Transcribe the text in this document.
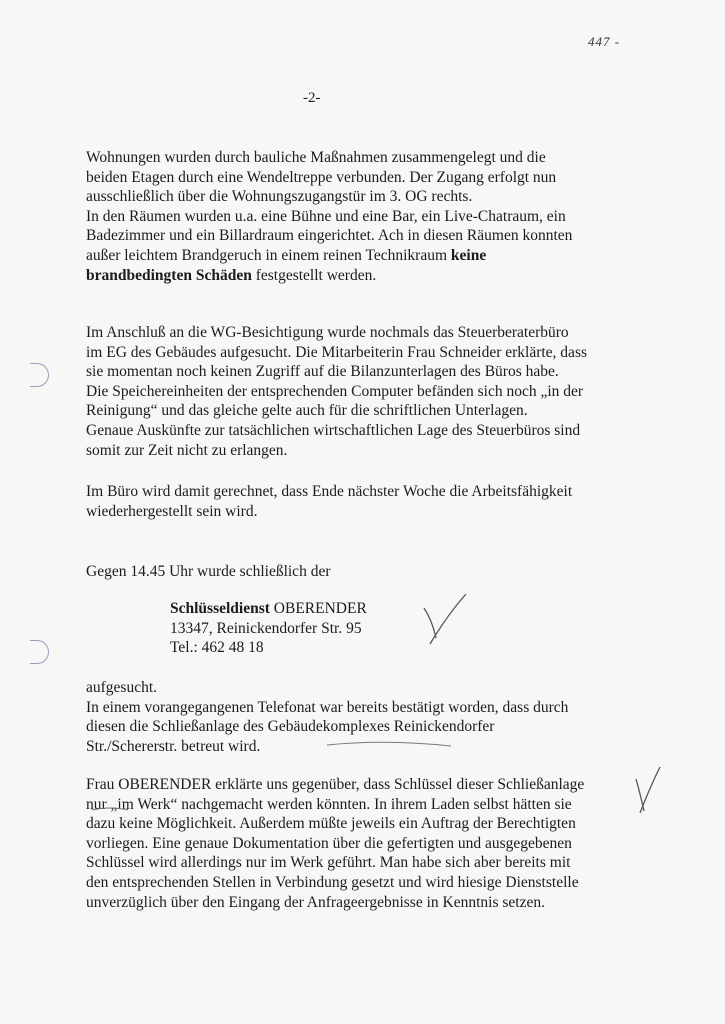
447 -
-2-

Wohnungen wurden durch bauliche Maßnahmen zusammengelegt und die
beiden Etagen durch eine Wendeltreppe verbunden. Der Zugang erfolgt nun
ausschließlich über die Wohnungszugangstür im 3. OG rechts.
In den Räumen wurden u.a. eine Bühne und eine Bar, ein Live-Chatraum, ein
Badezimmer und ein Billardraum eingerichtet. Ach in diesen Räumen konnten
außer leichtem Brandgeruch in einem reinen Technikraum keine
brandbedingten Schäden festgestellt werden.

Im Anschluß an die WG-Besichtigung wurde nochmals das Steuerberaterbüro
im EG des Gebäudes aufgesucht. Die Mitarbeiterin Frau Schneider erklärte, dass
sie momentan noch keinen Zugriff auf die Bilanzunterlagen des Büros habe.
Die Speichereinheiten der entsprechenden Computer befänden sich noch „in der
Reinigung“ und das gleiche gelte auch für die schriftlichen Unterlagen.
Genaue Auskünfte zur tatsächlichen wirtschaftlichen Lage des Steuerbüros sind
somit zur Zeit nicht zu erlangen.

Im Büro wird damit gerechnet, dass Ende nächster Woche die Arbeitsfähigkeit
wiederhergestellt sein wird.

Gegen 14.45 Uhr wurde schließlich der

Schlüsseldienst OBERENDER
13347, Reinickendorfer Str. 95
Tel.: 462 48 18

aufgesucht.
In einem vorangegangenen Telefonat war bereits bestätigt worden, dass durch
diesen die Schließanlage des Gebäudekomplexes Reinickendorfer
Str./Schererstr. betreut wird.

Frau OBERENDER erklärte uns gegenüber, dass Schlüssel dieser Schließanlage
nur „im Werk“ nachgemacht werden könnten. In ihrem Laden selbst hätten sie
dazu keine Möglichkeit. Außerdem müßte jeweils ein Auftrag der Berechtigten
vorliegen. Eine genaue Dokumentation über die gefertigten und ausgegebenen
Schlüssel wird allerdings nur im Werk geführt. Man habe sich aber bereits mit
den entsprechenden Stellen in Verbindung gesetzt und wird hiesige Dienststelle
unverzüglich über den Eingang der Anfrageergebnisse in Kenntnis setzen.
